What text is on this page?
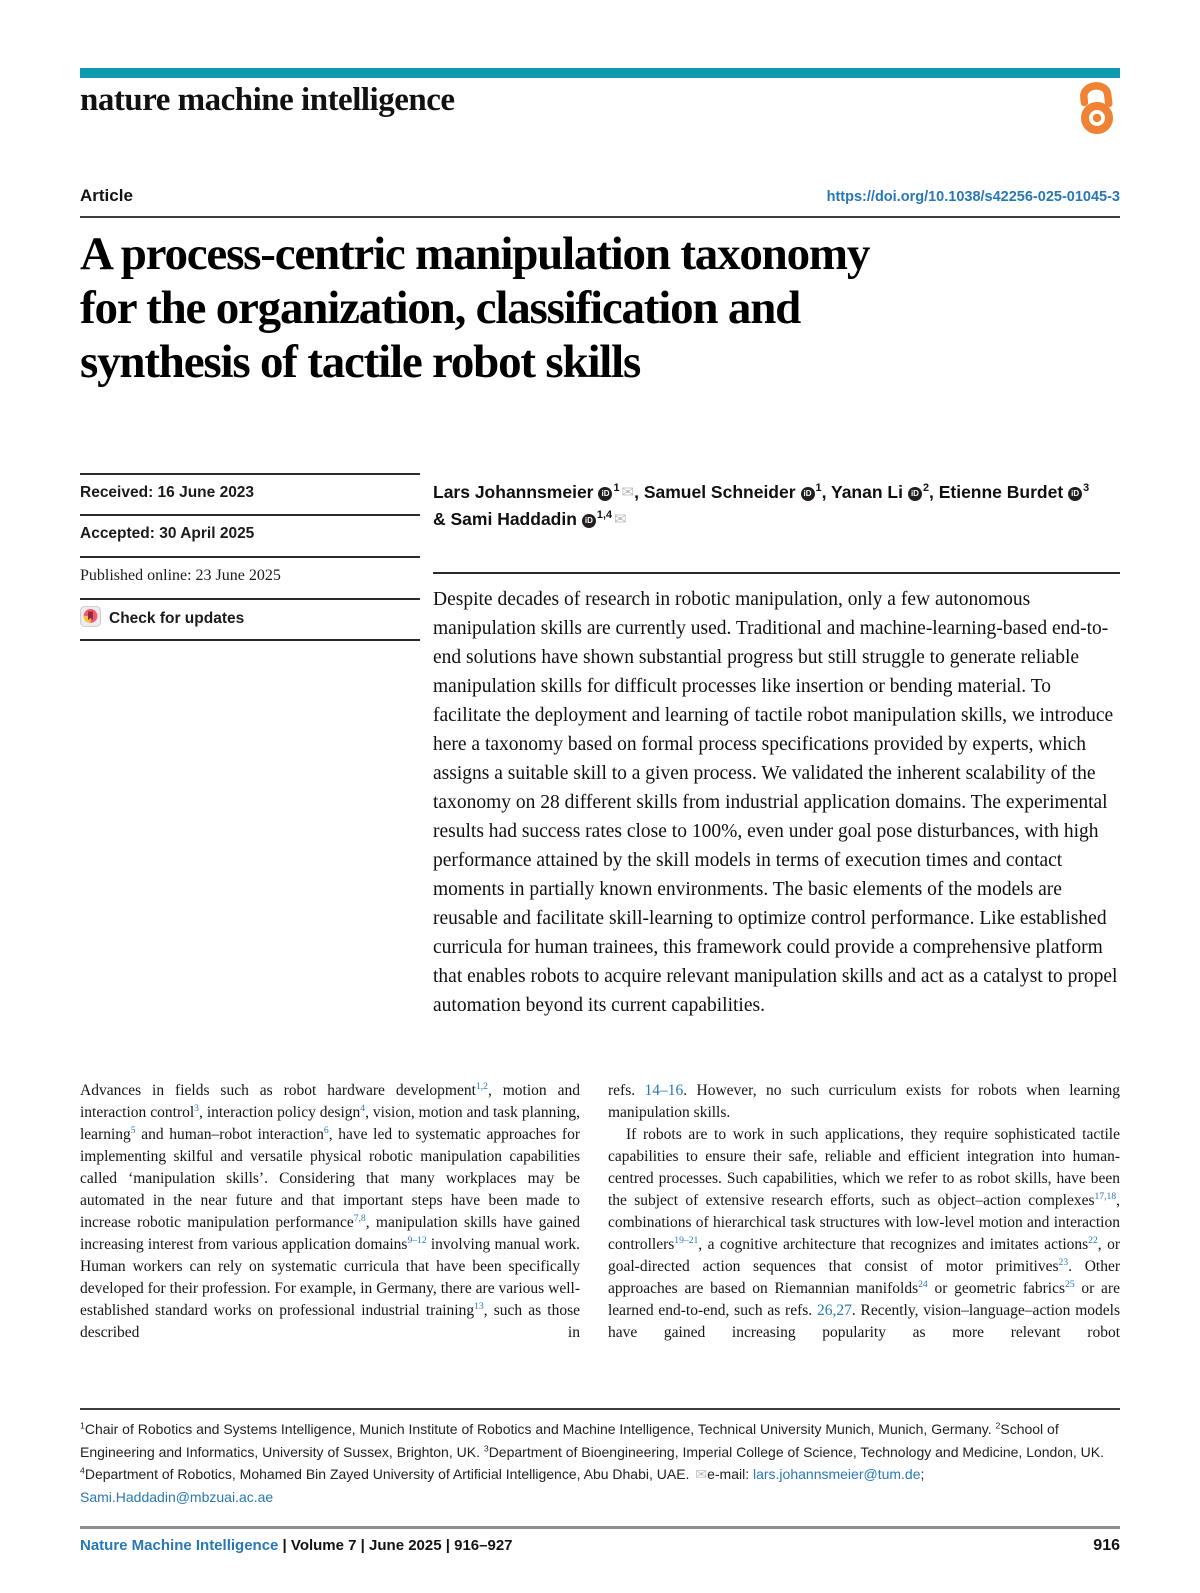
nature machine intelligence
Article	https://doi.org/10.1038/s42256-025-01045-3
A process-centric manipulation taxonomy
for the organization, classification and
synthesis of tactile robot skills
Received: 16 June 2023
Accepted: 30 April 2025
Published online: 23 June 2025
Check for updates
Lars Johannsmeier iD $^1$ ✉, Samuel Schneider iD $^1$, Yanan Li iD $^2$, Etienne Burdet iD $^3$
& Sami Haddadin iD $^{1,4}$ ✉
Despite decades of research in robotic manipulation, only a few autonomous manipulation skills are currently used. Traditional and machine-learning-based end-to-end solutions have shown substantial progress but still struggle to generate reliable manipulation skills for difficult processes like insertion or bending material. To facilitate the deployment and learning of tactile robot manipulation skills, we introduce here a taxonomy based on formal process specifications provided by experts, which assigns a suitable skill to a given process. We validated the inherent scalability of the taxonomy on 28 different skills from industrial application domains. The experimental results had success rates close to 100%, even under goal pose disturbances, with high performance attained by the skill models in terms of execution times and contact moments in partially known environments. The basic elements of the models are reusable and facilitate skill-learning to optimize control performance. Like established curricula for human trainees, this framework could provide a comprehensive platform that enables robots to acquire relevant manipulation skills and act as a catalyst to propel automation beyond its current capabilities.

Advances in fields such as robot hardware development$^{1,2}$, motion and interaction control$^3$, interaction policy design$^4$, vision, motion and task planning, learning$^5$ and human–robot interaction$^6$, have led to systematic approaches for implementing skilful and versatile physical robotic manipulation capabilities called ‘manipulation skills’. Considering that many workplaces may be automated in the near future and that important steps have been made to increase robotic manipulation performance$^{7,8}$, manipulation skills have gained increasing interest from various application domains$^{9-12}$ involving manual work. Human workers can rely on systematic curricula that have been specifically developed for their profession. For example, in Germany, there are various well-established standard works on professional industrial training$^{13}$, such as those described in

refs. 14–16. However, no such curriculum exists for robots when learning manipulation skills.

If robots are to work in such applications, they require sophisticated tactile capabilities to ensure their safe, reliable and efficient integration into human-centred processes. Such capabilities, which we refer to as robot skills, have been the subject of extensive research efforts, such as object–action complexes$^{17,18}$, combinations of hierarchical task structures with low-level motion and interaction controllers$^{19-21}$, a cognitive architecture that recognizes and imitates actions$^{22}$, or goal-directed action sequences that consist of motor primitives$^{23}$. Other approaches are based on Riemannian manifolds$^{24}$ or geometric fabrics$^{25}$ or are learned end-to-end, such as refs. 26,27. Recently, vision–language–action models have gained increasing popularity as more relevant robot

$^1$Chair of Robotics and Systems Intelligence, Munich Institute of Robotics and Machine Intelligence, Technical University Munich, Munich, Germany. $^2$School of Engineering and Informatics, University of Sussex, Brighton, UK. $^3$Department of Bioengineering, Imperial College of Science, Technology and Medicine, London, UK. $^4$Department of Robotics, Mohamed Bin Zayed University of Artificial Intelligence, Abu Dhabi, UAE. ✉e-mail: lars.johannsmeier@tum.de; Sami.Haddadin@mbzuai.ac.ae
Nature Machine Intelligence | Volume 7 | June 2025 | 916–927	916
